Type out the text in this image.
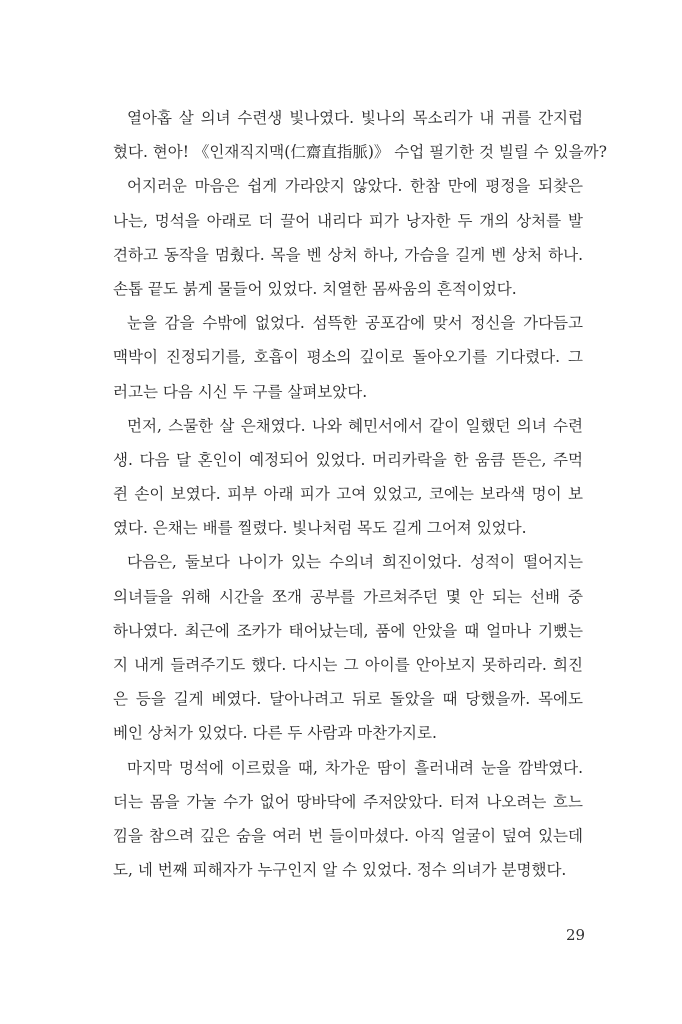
열아홉 살 의녀 수련생 빛나였다. 빛나의 목소리가 내 귀를 간지럽
혔다. 현아! 《인재직지맥(仁齋直指脈)》 수업 필기한 것 빌릴 수 있을까?
어지러운 마음은 쉽게 가라앉지 않았다. 한참 만에 평정을 되찾은
나는, 멍석을 아래로 더 끌어 내리다 피가 낭자한 두 개의 상처를 발
견하고 동작을 멈췄다. 목을 벤 상처 하나, 가슴을 길게 벤 상처 하나.
손톱 끝도 붉게 물들어 있었다. 치열한 몸싸움의 흔적이었다.
눈을 감을 수밖에 없었다. 섬뜩한 공포감에 맞서 정신을 가다듬고
맥박이 진정되기를, 호흡이 평소의 깊이로 돌아오기를 기다렸다. 그
러고는 다음 시신 두 구를 살펴보았다.
먼저, 스물한 살 은채였다. 나와 혜민서에서 같이 일했던 의녀 수련
생. 다음 달 혼인이 예정되어 있었다. 머리카락을 한 움큼 뜯은, 주먹
쥔 손이 보였다. 피부 아래 피가 고여 있었고, 코에는 보라색 멍이 보
였다. 은채는 배를 찔렸다. 빛나처럼 목도 길게 그어져 있었다.
다음은, 둘보다 나이가 있는 수의녀 희진이었다. 성적이 떨어지는
의녀들을 위해 시간을 쪼개 공부를 가르쳐주던 몇 안 되는 선배 중
하나였다. 최근에 조카가 태어났는데, 품에 안았을 때 얼마나 기뻤는
지 내게 들려주기도 했다. 다시는 그 아이를 안아보지 못하리라. 희진
은 등을 길게 베였다. 달아나려고 뒤로 돌았을 때 당했을까. 목에도
베인 상처가 있었다. 다른 두 사람과 마찬가지로.
마지막 멍석에 이르렀을 때, 차가운 땀이 흘러내려 눈을 깜박였다.
더는 몸을 가눌 수가 없어 땅바닥에 주저앉았다. 터져 나오려는 흐느
낌을 참으려 깊은 숨을 여러 번 들이마셨다. 아직 얼굴이 덮여 있는데
도, 네 번째 피해자가 누구인지 알 수 있었다. 정수 의녀가 분명했다.
29
